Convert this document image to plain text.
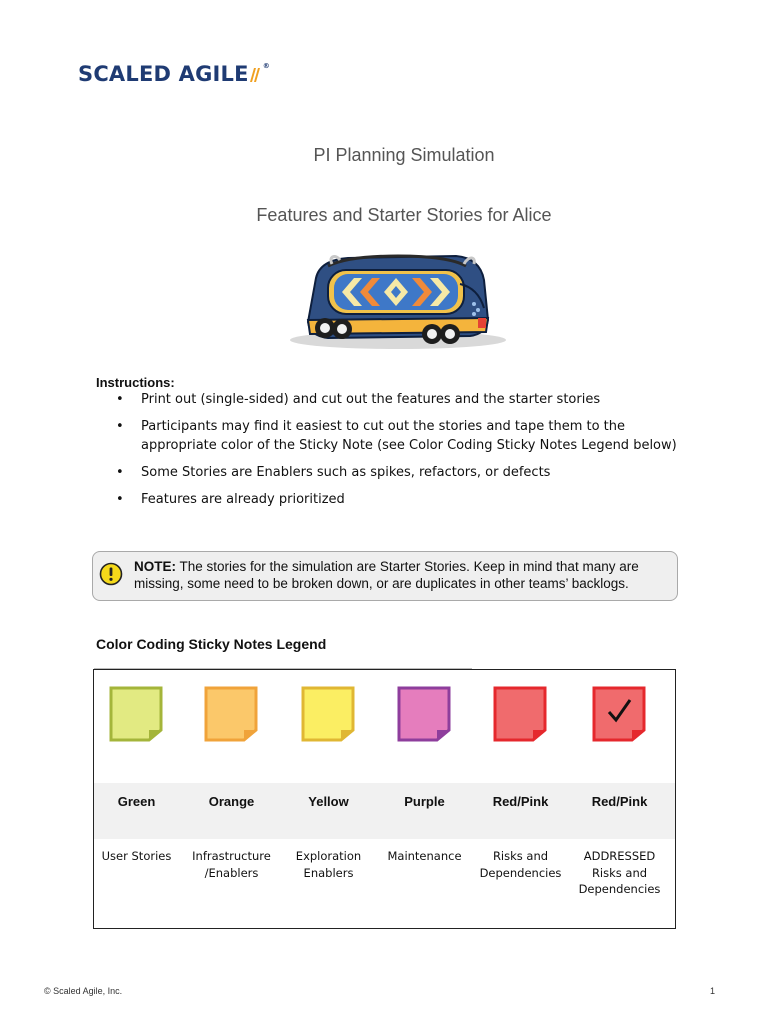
SCALED AGILE ®
PI Planning Simulation
Features and Starter Stories for Alice
Instructions:
• Print out (single-sided) and cut out the features and the starter stories
• Participants may find it easiest to cut out the stories and tape them to the appropriate color of the Sticky Note (see Color Coding Sticky Notes Legend below)
• Some Stories are Enablers such as spikes, refactors, or defects
• Features are already prioritized
NOTE: The stories for the simulation are Starter Stories. Keep in mind that many are missing, some need to be broken down, or are duplicates in other teams’ backlogs.
Color Coding Sticky Notes Legend
Green
User Stories
Orange
Infrastructure /Enablers
Yellow
Exploration Enablers
Purple
Maintenance
Red/Pink
Risks and Dependencies
Red/Pink
ADDRESSED Risks and Dependencies
© Scaled Agile, Inc.	1
